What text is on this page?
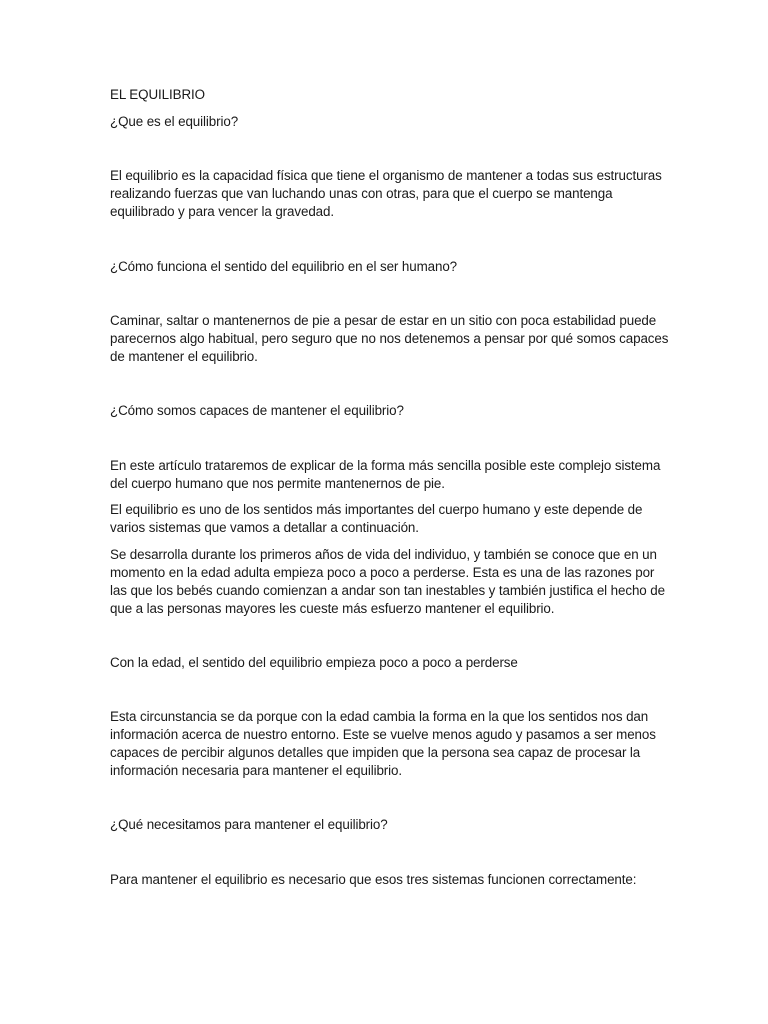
EL EQUILIBRIO

¿Que es el equilibrio?

El equilibrio es la capacidad física que tiene el organismo de mantener a todas sus estructuras realizando fuerzas que van luchando unas con otras, para que el cuerpo se mantenga equilibrado y para vencer la gravedad.

¿Cómo funciona el sentido del equilibrio en el ser humano?

Caminar, saltar o mantenernos de pie a pesar de estar en un sitio con poca estabilidad puede parecernos algo habitual, pero seguro que no nos detenemos a pensar por qué somos capaces de mantener el equilibrio.

¿Cómo somos capaces de mantener el equilibrio?

En este artículo trataremos de explicar de la forma más sencilla posible este complejo sistema del cuerpo humano que nos permite mantenernos de pie.

El equilibrio es uno de los sentidos más importantes del cuerpo humano y este depende de varios sistemas que vamos a detallar a continuación.

Se desarrolla durante los primeros años de vida del individuo, y también se conoce que en un momento en la edad adulta empieza poco a poco a perderse. Esta es una de las razones por las que los bebés cuando comienzan a andar son tan inestables y también justifica el hecho de que a las personas mayores les cueste más esfuerzo mantener el equilibrio.

Con la edad, el sentido del equilibrio empieza poco a poco a perderse

Esta circunstancia se da porque con la edad cambia la forma en la que los sentidos nos dan información acerca de nuestro entorno. Este se vuelve menos agudo y pasamos a ser menos capaces de percibir algunos detalles que impiden que la persona sea capaz de procesar la información necesaria para mantener el equilibrio.

¿Qué necesitamos para mantener el equilibrio?

Para mantener el equilibrio es necesario que esos tres sistemas funcionen correctamente:
